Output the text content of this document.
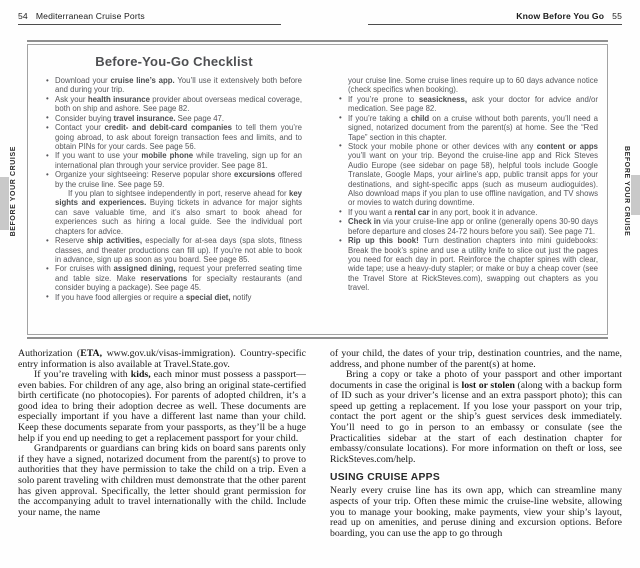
54 Mediterranean Cruise Ports	Know Before You Go 55
Before-You-Go Checklist
• Download your cruise line’s app. You’ll use it extensively both before and during your trip.
• Ask your health insurance provider about overseas medical coverage, both on ship and ashore. See page 82.
• Consider buying travel insurance. See page 47.
• Contact your credit- and debit-card companies to tell them you’re going abroad, to ask about foreign transaction fees and limits, and to obtain PINs for your cards. See page 56.
• If you want to use your mobile phone while traveling, sign up for an international plan through your service provider. See page 81.
• Organize your sightseeing: Reserve popular shore excursions offered by the cruise line. See page 59.
If you plan to sightsee independently in port, reserve ahead for key sights and experiences. Buying tickets in advance for major sights can save valuable time, and it’s also smart to book ahead for experiences such as hiring a local guide. See the individual port chapters for advice.
• Reserve ship activities, especially for at-sea days (spa slots, fitness classes, and theater productions can fill up). If you’re not able to book in advance, sign up as soon as you board. See page 85.
• For cruises with assigned dining, request your preferred seating time and table size. Make reservations for specialty restaurants (and consider buying a package). See page 45.
• If you have food allergies or require a special diet, notify
your cruise line. Some cruise lines require up to 60 days advance notice (check specifics when booking).
• If you’re prone to seasickness, ask your doctor for advice and/or medication. See page 82.
• If you’re taking a child on a cruise without both parents, you’ll need a signed, notarized document from the parent(s) at home. See the “Red Tape” section in this chapter.
• Stock your mobile phone or other devices with any content or apps you’ll want on your trip. Beyond the cruise-line app and Rick Steves Audio Europe (see sidebar on page 58), helpful tools include Google Translate, Google Maps, your airline’s app, public transit apps for your destinations, and sight-specific apps (such as museum audioguides). Also download maps if you plan to use offline navigation, and TV shows or movies to watch during downtime.
• If you want a rental car in any port, book it in advance.
• Check in via your cruise-line app or online (generally opens 30-90 days before departure and closes 24-72 hours before you sail). See page 71.
• Rip up this book! Turn destination chapters into mini guidebooks: Break the book’s spine and use a utility knife to slice out just the pages you need for each day in port. Reinforce the chapter spines with clear, wide tape; use a heavy-duty stapler; or make or buy a cheap cover (see the Travel Store at RickSteves.com), swapping out chapters as you travel.

Authorization (ETA, www.gov.uk/visas-immigration). Country-specific entry information is also available at Travel.State.gov.

If you’re traveling with kids, each minor must possess a passport—even babies. For children of any age, also bring an original state-certified birth certificate (no photocopies). For parents of adopted children, it’s a good idea to bring their adoption decree as well. These documents are especially important if you have a different last name than your child. Keep these documents separate from your passports, as they’ll be a huge help if you end up needing to get a replacement passport for your child.

Grandparents or guardians can bring kids on board sans parents only if they have a signed, notarized document from the parent(s) to prove to authorities that they have permission to take the child on a trip. Even a solo parent traveling with children must demonstrate that the other parent has given approval. Specifically, the letter should grant permission for the accompanying adult to travel internationally with the child. Include your name, the name

of your child, the dates of your trip, destination countries, and the name, address, and phone number of the parent(s) at home.

Bring a copy or take a photo of your passport and other important documents in case the original is lost or stolen (along with a backup form of ID such as your driver’s license and an extra passport photo); this can speed up getting a replacement. If you lose your passport on your trip, contact the port agent or the ship’s guest services desk immediately. You’ll need to go in person to an embassy or consulate (see the Practicalities sidebar at the start of each destination chapter for embassy/consulate locations). For more information on theft or loss, see RickSteves.com/help.

USING CRUISE APPS

Nearly every cruise line has its own app, which can streamline many aspects of your trip. Often these mimic the cruise-line website, allowing you to manage your booking, make payments, view your ship’s layout, read up on amenities, and peruse dining and excursion options. Before boarding, you can use the app to go through

BEFORE YOUR CRUISE	BEFORE YOUR CRUISE
